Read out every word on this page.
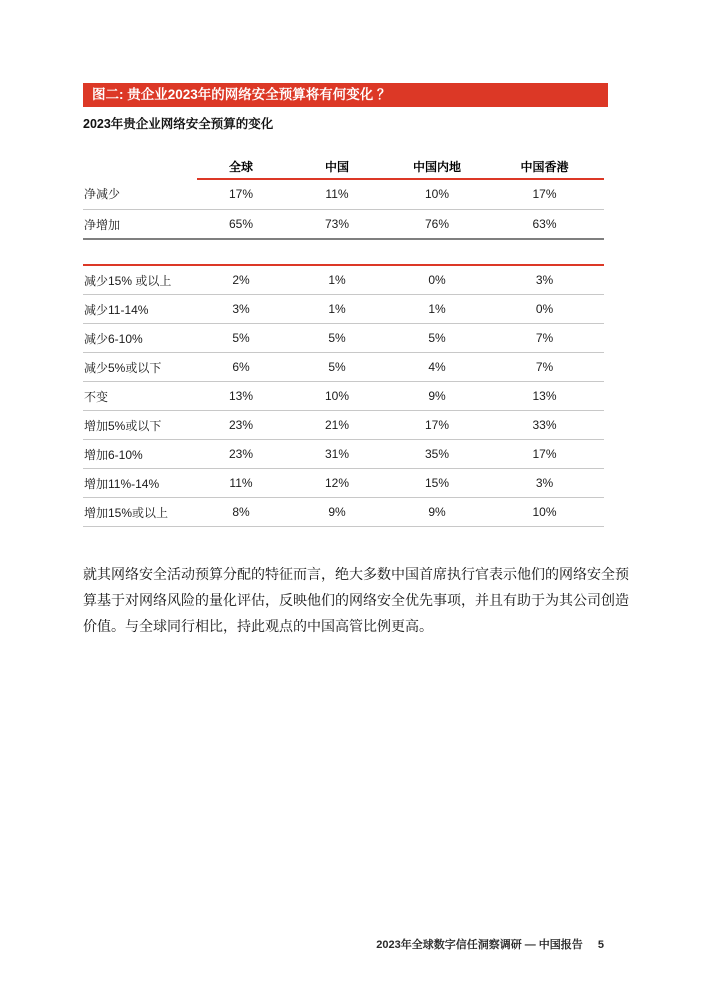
图二: 贵企业2023年的网络安全预算将有何变化 ？
2023年贵企业网络安全预算的变化
全球	中国	中国内地	中国香港
净减少	17%	11%	10%	17%
净增加	65%	73%	76%	63%
减少15% 或以上	2%	1%	0%	3%
减少11-14%	3%	1%	1%	0%
减少6-10%	5%	5%	5%	7%
减少5%或以下	6%	5%	4%	7%
不变	13%	10%	9%	13%
增加5%或以下	23%	21%	17%	33%
增加6-10%	23%	31%	35%	17%
增加11%-14%	11%	12%	15%	3%
增加15%或以上	8%	9%	9%	10%

就其网络安全活动预算分配的特征而言，绝大多数中国首席执行官表示他们的网络安全预算基于对网络风险的量化评估，反映他们的网络安全优先事项，并且有助于为其公司创造价值。与全球同行相比，持此观点的中国高管比例更高。

2023年全球数字信任洞察调研 — 中国报告 5
